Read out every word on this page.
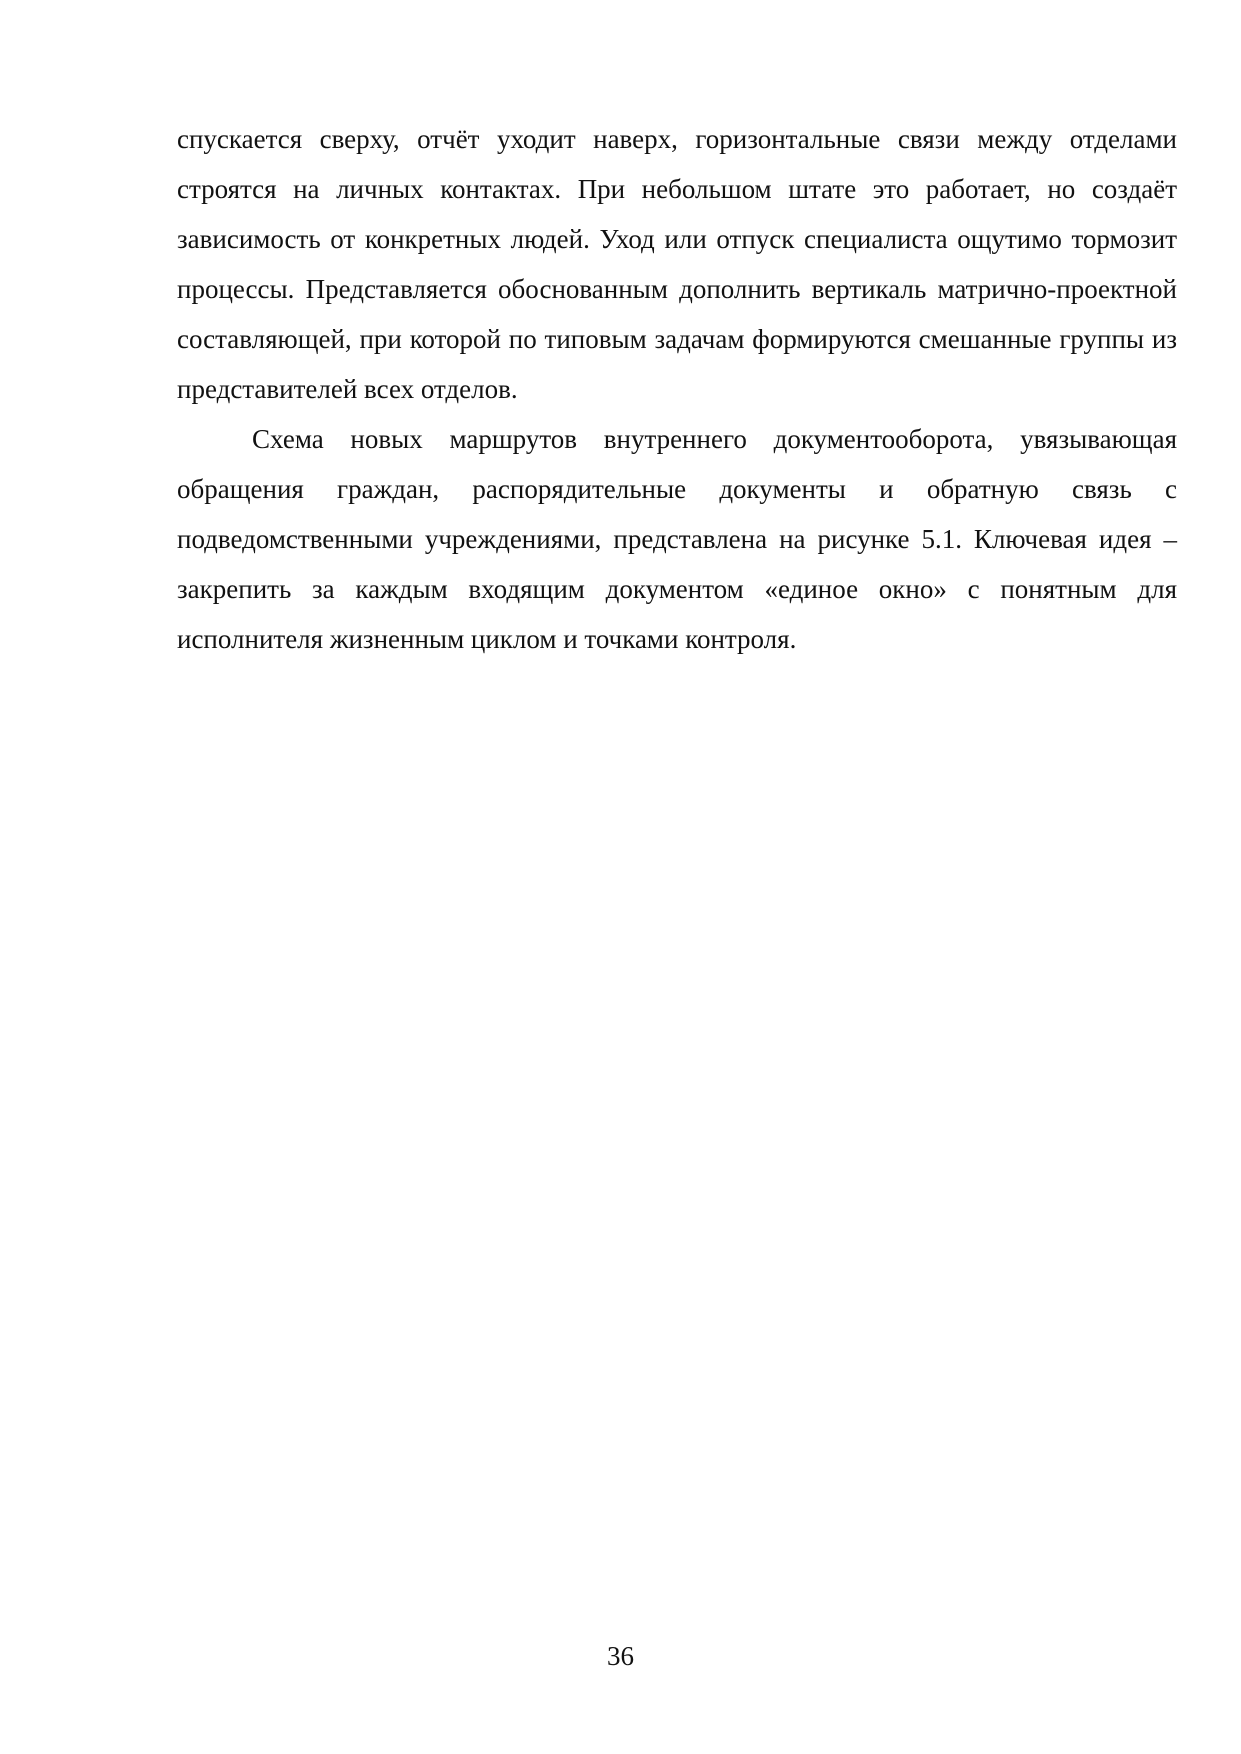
спускается сверху, отчёт уходит наверх, горизонтальные связи между отделами строятся на личных контактах. При небольшом штате это работает, но создаёт зависимость от конкретных людей. Уход или отпуск специалиста ощутимо тормозит процессы. Представляется обоснованным дополнить вертикаль матрично-проектной составляющей, при которой по типовым задачам формируются смешанные группы из представителей всех отделов.

Схема новых маршрутов внутреннего документооборота, увязывающая обращения граждан, распорядительные документы и обратную связь с подведомственными учреждениями, представлена на рисунке 5.1. Ключевая идея – закрепить за каждым входящим документом «единое окно» с понятным для исполнителя жизненным циклом и точками контроля.

36
